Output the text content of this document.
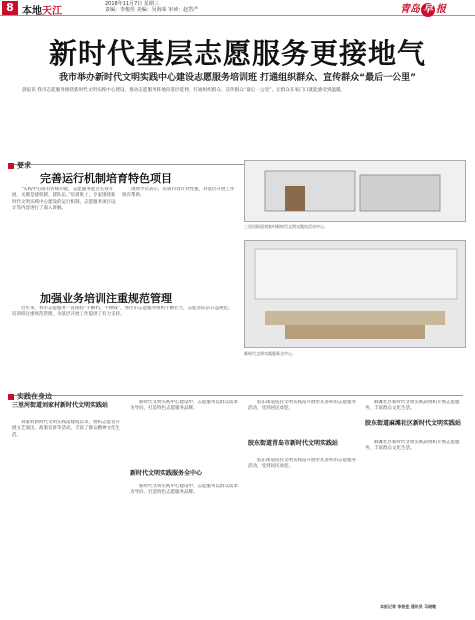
8 本地天江
2018年11月7日 星期三
责编：李俊佳 美编：吴海荣 审读：赵岱严	青岛 早 报
新时代基层志愿服务更接地气
我市举办新时代文明实践中心建设志愿服务培训班 打通组织群众、宣传群众“最后一公里”
晨报讯 我市志愿服务围绕新时代文明实践中心建设，推动志愿服务阵地向基层延伸，打通组织群众、宣传群众“最后一公里”，让群众在家门口就能感受到温暖。
要求
完善运行机制培育特色项目
“实践中心既有传统功能，志愿服务能否长效开展，关键是建机制、建队伍。”培训班上，专家围绕新时代文明实践中心建设的运行机制、志愿服务项目设计等内容进行了深入讲解。
现场学员表示，培训内容针对性强，对基层开展工作很有帮助。
加强业务培训注重规范管理
近年来，我市志愿服务一直保持“不断档、不掉线”，各区市志愿服务组织不断壮大，志愿者队伍日益规范。培训班注重规范管理，为基层开展工作提供了有力支持。
三里河街道刘家村新时代文明实践站活动中心。
新时代文明实践服务全中心。
实践在身边
三里河街道刘家村新时代文明实践站
刘家村新时代文明实践站建成以来，组织志愿者开展文艺演出、政策宣讲等活动，丰富了群众精神文化生活。
新时代文明实践服务全中心
新时代文明实践中心建设中，志愿服务以群众需求为导向，打造特色志愿服务品牌。
新时代文明实践中心建设中，志愿服务以群众需求为导向，打造特色志愿服务品牌。
胶东街道青岛市新时代文明实践站
胶东街道依托文明实践站开展形式多样的志愿服务活动，受到居民欢迎。
胶东街道依托文明实践站开展形式多样的志愿服务活动，受到居民欢迎。
胶东街道麻滩社区新时代文明实践站
麻滩社区新时代文明实践站组织开展志愿服务，丰富群众文化生活。
麻滩社区新时代文明实践站组织开展志愿服务，丰富群众文化生活。
本报记者 李俊佳 通讯员 马晓敏
